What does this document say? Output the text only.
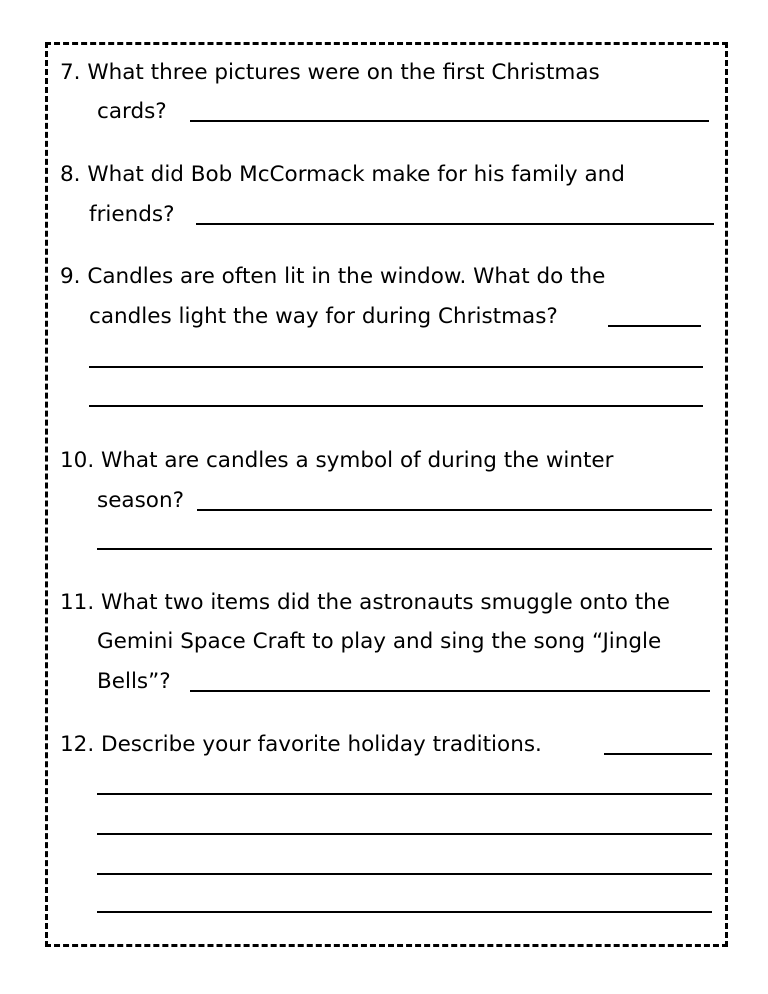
7. What three pictures were on the first Christmas
cards?
8. What did Bob McCormack make for his family and
friends?
9. Candles are often lit in the window. What do the
candles light the way for during Christmas?
10. What are candles a symbol of during the winter
season?
11. What two items did the astronauts smuggle onto the
Gemini Space Craft to play and sing the song “Jingle
Bells”?
12. Describe your favorite holiday traditions.
